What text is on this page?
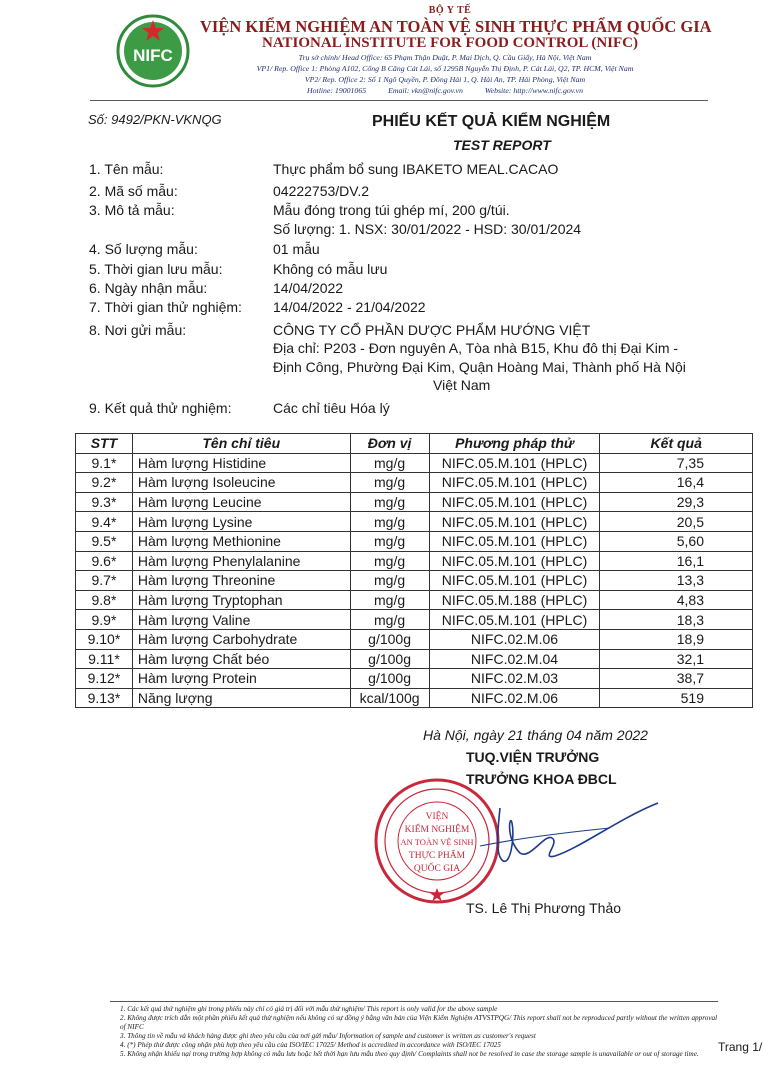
NIFC
BỘ Y TẾ
VIỆN KIỂM NGHIỆM AN TOÀN VỆ SINH THỰC PHẨM QUỐC GIA
NATIONAL INSTITUTE FOR FOOD CONTROL (NIFC)
Trụ sở chính/ Head Office: 65 Phạm Thận Duật, P. Mai Dịch, Q. Cầu Giấy, Hà Nội, Việt Nam
VP1/ Rep. Office 1: Phòng A102, Cổng B Căng Cát Lái, số 1295B Nguyễn Thị Định, P. Cát Lái, Q2, TP. HCM, Việt Nam
VP2/ Rep. Office 2: Số 1 Ngô Quyền, P. Đông Hải 1, Q. Hải An, TP. Hải Phòng, Việt Nam
Hotline: 19001065	Email: vkn@nifc.gov.vn	Website: http://www.nifc.gov.vn
Số: 9492/PKN-VKNQG	PHIẾU KẾT QUẢ KIỂM NGHIỆM
TEST REPORT
1. Tên mẫu:	Thực phẩm bổ sung IBAKETO MEAL.CACAO
2. Mã số mẫu:	04222753/DV.2
3. Mô tả mẫu:	Mẫu đóng trong túi ghép mí, 200 g/túi.
Số lượng: 1. NSX: 30/01/2022 - HSD: 30/01/2024
4. Số lượng mẫu:	01 mẫu
5. Thời gian lưu mẫu:	Không có mẫu lưu
6. Ngày nhận mẫu:	14/04/2022
7. Thời gian thử nghiệm: 14/04/2022 - 21/04/2022
8. Nơi gửi mẫu:	CÔNG TY CỔ PHẦN DƯỢC PHẨM HƯỚNG VIỆT
Địa chỉ: P203 - Đơn nguyên A, Tòa nhà B15, Khu đô thị Đại Kim -
Định Công, Phường Đại Kim, Quận Hoàng Mai, Thành phố Hà Nội
Việt Nam
9. Kết quả thử nghiệm:	Các chỉ tiêu Hóa lý
STT	Tên chỉ tiêu	Đơn vị	Phương pháp thử	Kết quả
9.1*	Hàm lượng Histidine	mg/g	NIFC.05.M.101 (HPLC)	7,35
9.2*	Hàm lượng Isoleucine	mg/g	NIFC.05.M.101 (HPLC)	16,4
9.3*	Hàm lượng Leucine	mg/g	NIFC.05.M.101 (HPLC)	29,3
9.4*	Hàm lượng Lysine	mg/g	NIFC.05.M.101 (HPLC)	20,5
9.5*	Hàm lượng Methionine	mg/g	NIFC.05.M.101 (HPLC)	5,60
9.6*	Hàm lượng Phenylalanine	mg/g	NIFC.05.M.101 (HPLC)	16,1
9.7*	Hàm lượng Threonine	mg/g	NIFC.05.M.101 (HPLC)	13,3
9.8*	Hàm lượng Tryptophan	mg/g	NIFC.05.M.188 (HPLC)	4,83
9.9*	Hàm lượng Valine	mg/g	NIFC.05.M.101 (HPLC)	18,3
9.10*	Hàm lượng Carbohydrate	g/100g	NIFC.02.M.06	18,9
9.11*	Hàm lượng Chất béo	g/100g	NIFC.02.M.04	32,1
9.12*	Hàm lượng Protein	g/100g	NIFC.02.M.03	38,7
9.13*	Năng lượng	kcal/100g	NIFC.02.M.06	519
Hà Nội, ngày 21 tháng 04 năm 2022
TUQ.VIỆN TRƯỞNG
TRƯỞNG KHOA ĐBCL
VIỆN
KIỂM NGHIỆM
AN TOÀN VỆ SINH
THỰC PHẨM
QUỐC GIA
TS. Lê Thị Phương Thảo
1. Các kết quả thử nghiệm ghi trong phiếu này chỉ có giá trị đối với mẫu thử nghiệm/ This report is only valid for the above sample
2. Không được trích dẫn một phần phiếu kết quả thử nghiệm nếu không có sự đồng ý bằng văn bản của Viện Kiểm Nghiệm ATVSTPQG/ This report shall not be reproduced partly without the written approval of NIFC
3. Thông tin về mẫu và khách hàng được ghi theo yêu cầu của nơi gửi mẫu/ Information of sample and customer is written as customer's request
4. (*) Phép thử được công nhận phù hợp theo yêu cầu của ISO/IEC 17025/ Method is accredited in accordance with ISO/IEC 17025
5. Không nhận khiếu nại trong trường hợp không có mẫu lưu hoặc hết thời hạn lưu mẫu theo quy định/ Complaints shall not be resolved in case the storage sample is unavailable or out of storage time.	Trang 1/
